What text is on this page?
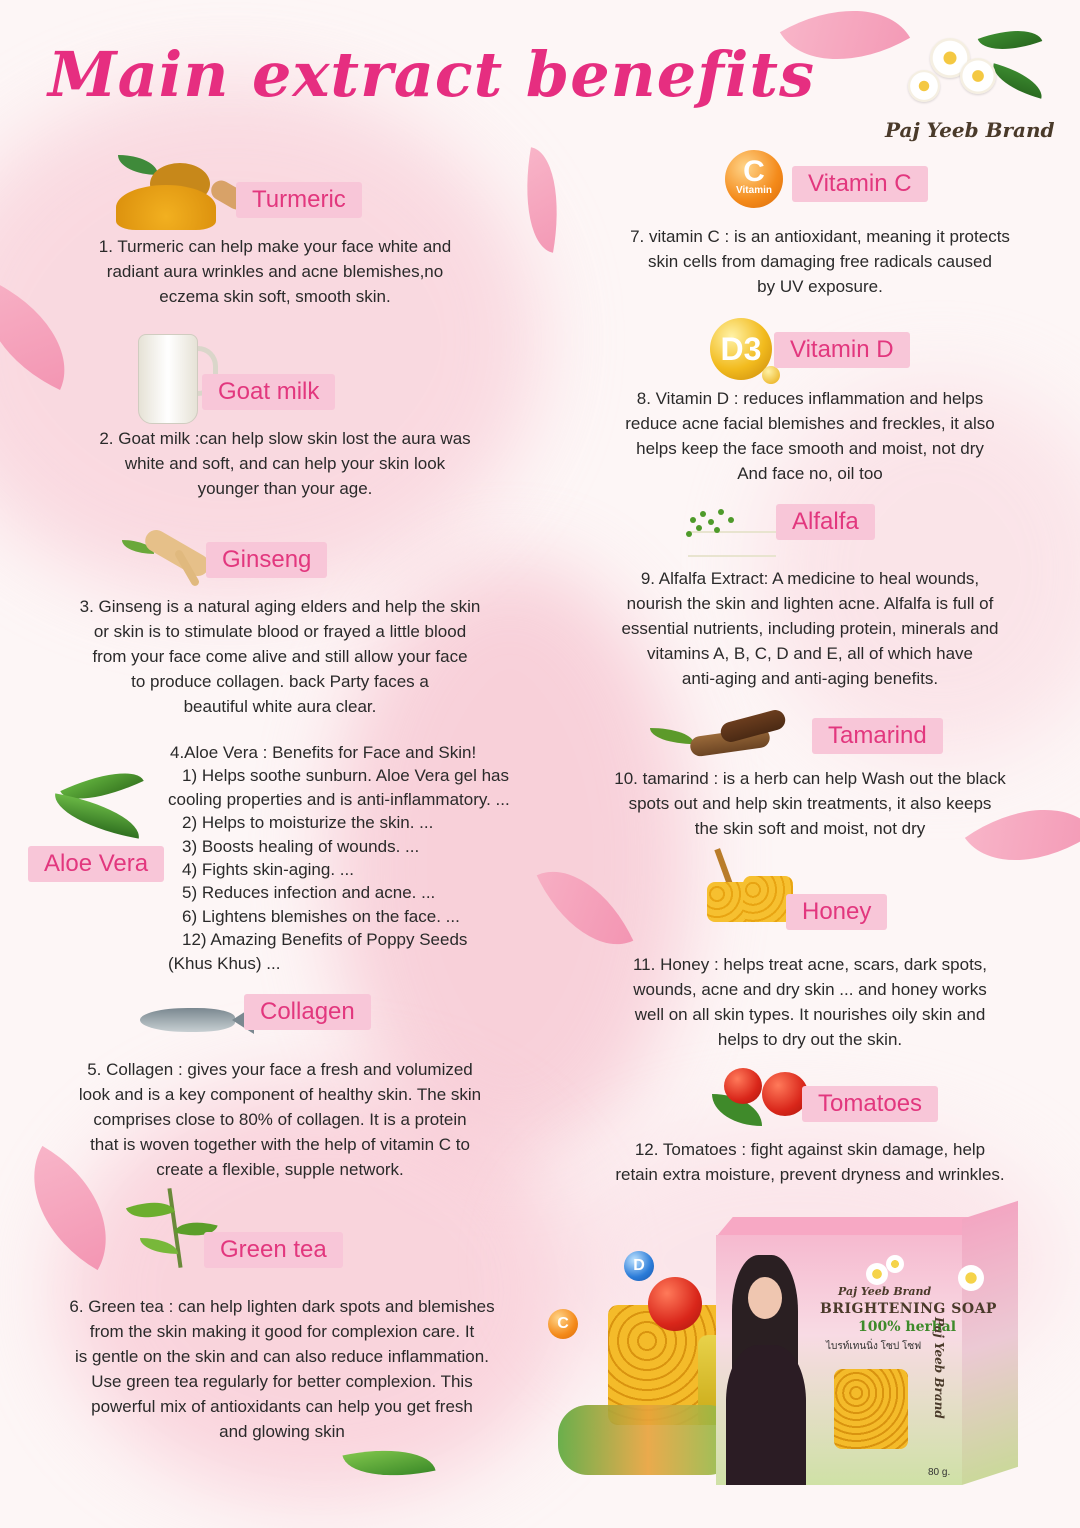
Main extract benefits
Paj Yeeb Brand
Turmeric

1. Turmeric can help make your face white and
radiant aura wrinkles and acne blemishes,no
eczema skin soft, smooth skin.

Goat milk

2. Goat milk :can help slow skin lost the aura was
white and soft, and can help your skin look
younger than your age.

Ginseng

3. Ginseng is a natural aging elders and help the skin
or skin is to stimulate blood or frayed a little blood
from your face come alive and still allow your face
to produce collagen. back Party faces a
beautiful white aura clear.

Aloe Vera
4.Aloe Vera : Benefits for Face and Skin!
1) Helps soothe sunburn. Aloe Vera gel has
cooling properties and is anti-inflammatory. ...
2) Helps to moisturize the skin. ...
3) Boosts healing of wounds. ...
4) Fights skin-aging. ...
5) Reduces infection and acne. ...
6) Lightens blemishes on the face. ...
12) Amazing Benefits of Poppy Seeds
(Khus Khus) ...
Collagen

5. Collagen : gives your face a fresh and volumized
look and is a key component of healthy skin. The skin
comprises close to 80% of collagen. It is a protein
that is woven together with the help of vitamin C to
create a flexible, supple network.

Green tea

6. Green tea : can help lighten dark spots and blemishes
from the skin making it good for complexion care. It
is gentle on the skin and can also reduce inflammation.
Use green tea regularly for better complexion. This
powerful mix of antioxidants can help you get fresh
and glowing skin

C
Vitamin	Vitamin C

7. vitamin C : is an antioxidant, meaning it protects
skin cells from damaging free radicals caused
by UV exposure.

D3	Vitamin D

8. Vitamin D : reduces inflammation and helps
reduce acne facial blemishes and freckles, it also
helps keep the face smooth and moist, not dry
And face no, oil too

Alfalfa

9. Alfalfa Extract: A medicine to heal wounds,
nourish the skin and lighten acne. Alfalfa is full of
essential nutrients, including protein, minerals and
vitamins A, B, C, D and E, all of which have
anti-aging and anti-aging benefits.

Tamarind

10. tamarind : is a herb can help Wash out the black
spots out and help skin treatments, it also keeps
the skin soft and moist, not dry

Honey

11. Honey : helps treat acne, scars, dark spots,
wounds, acne and dry skin ... and honey works
well on all skin types. It nourishes oily skin and
helps to dry out the skin.

Tomatoes

12. Tomatoes : fight against skin damage, help
retain extra moisture, prevent dryness and wrinkles.

D
C
Paj Yeeb Brand
BRIGHTENING SOAP
100% herbal
ไบรท์เทนนิ่ง โซป โซฟ
80 g.
Paj Yeeb Brand
